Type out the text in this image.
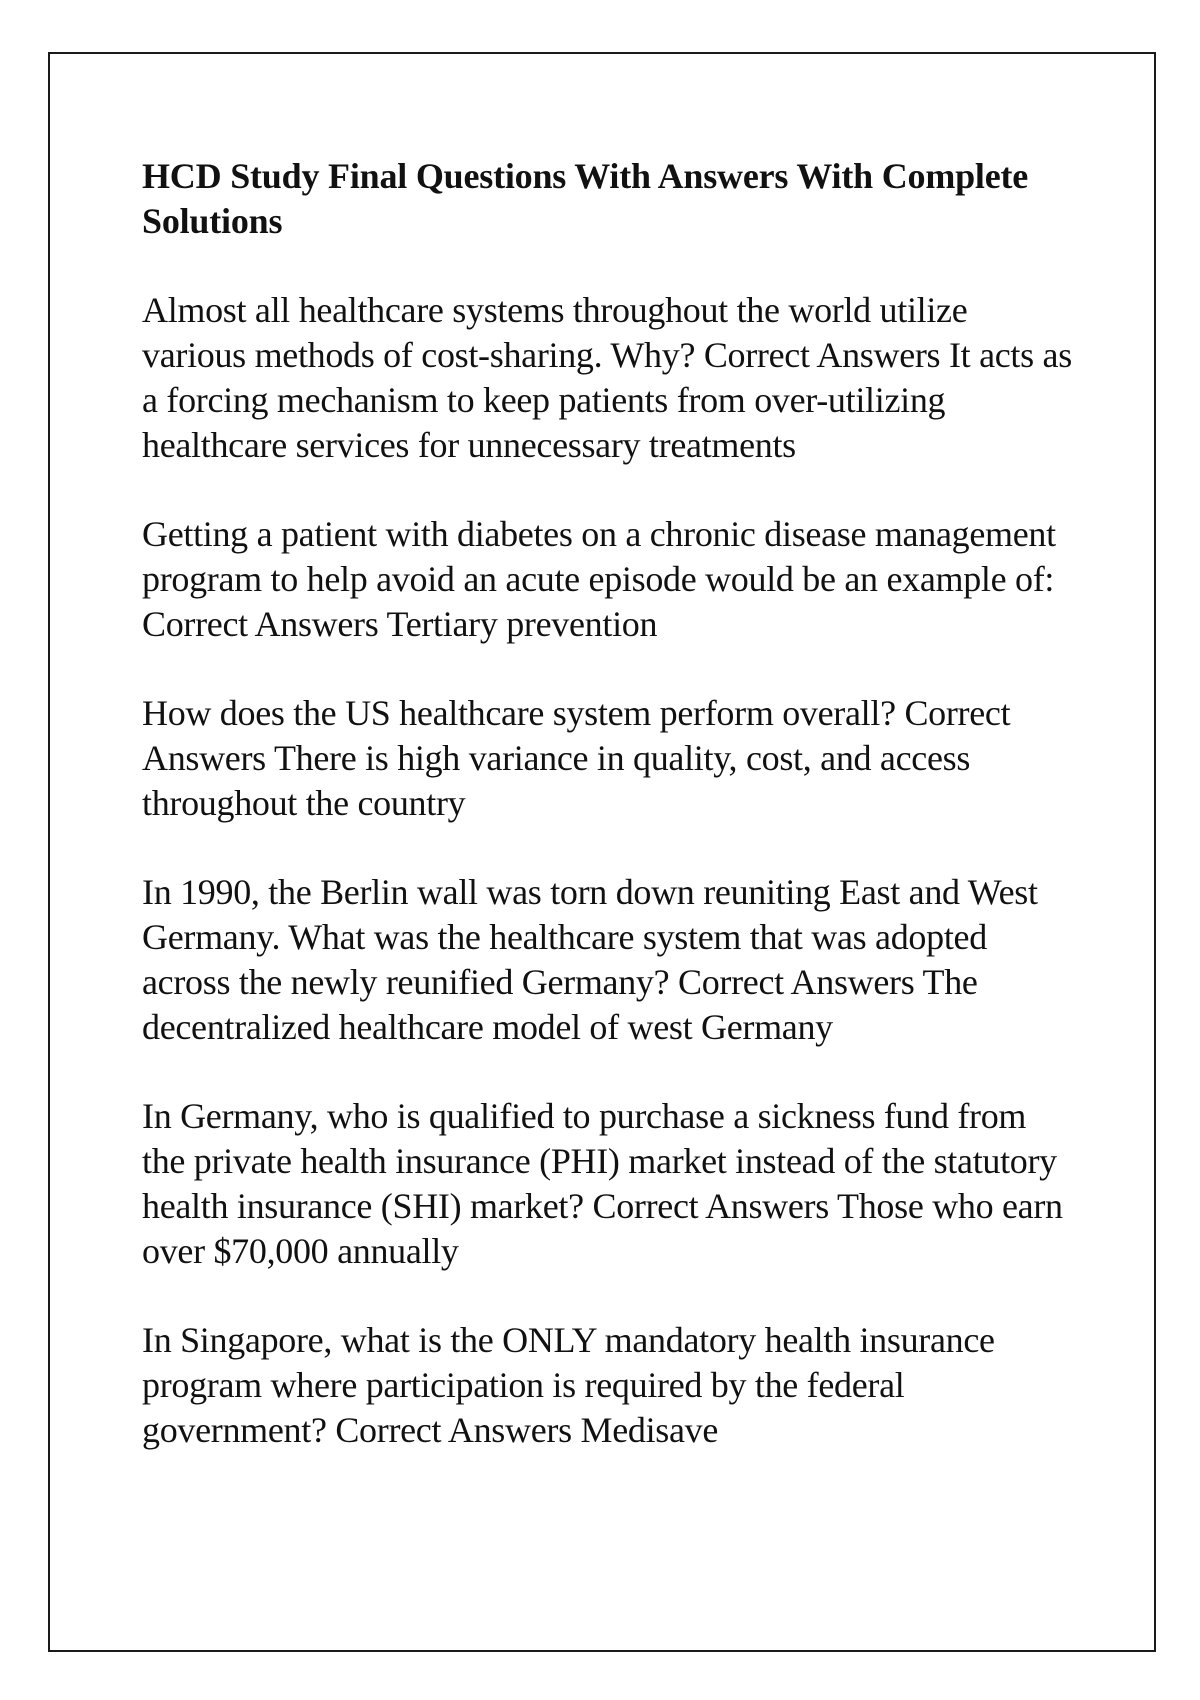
HCD Study Final Questions With Answers With Complete Solutions

Almost all healthcare systems throughout the world utilize various methods of cost-sharing. Why? Correct Answers It acts as a forcing mechanism to keep patients from over-utilizing healthcare services for unnecessary treatments

Getting a patient with diabetes on a chronic disease management program to help avoid an acute episode would be an example of: Correct Answers Tertiary prevention

How does the US healthcare system perform overall? Correct Answers There is high variance in quality, cost, and access throughout the country

In 1990, the Berlin wall was torn down reuniting East and West Germany. What was the healthcare system that was adopted across the newly reunified Germany? Correct Answers The decentralized healthcare model of west Germany

In Germany, who is qualified to purchase a sickness fund from the private health insurance (PHI) market instead of the statutory health insurance (SHI) market? Correct Answers Those who earn over $70,000 annually

In Singapore, what is the ONLY mandatory health insurance program where participation is required by the federal government? Correct Answers Medisave
